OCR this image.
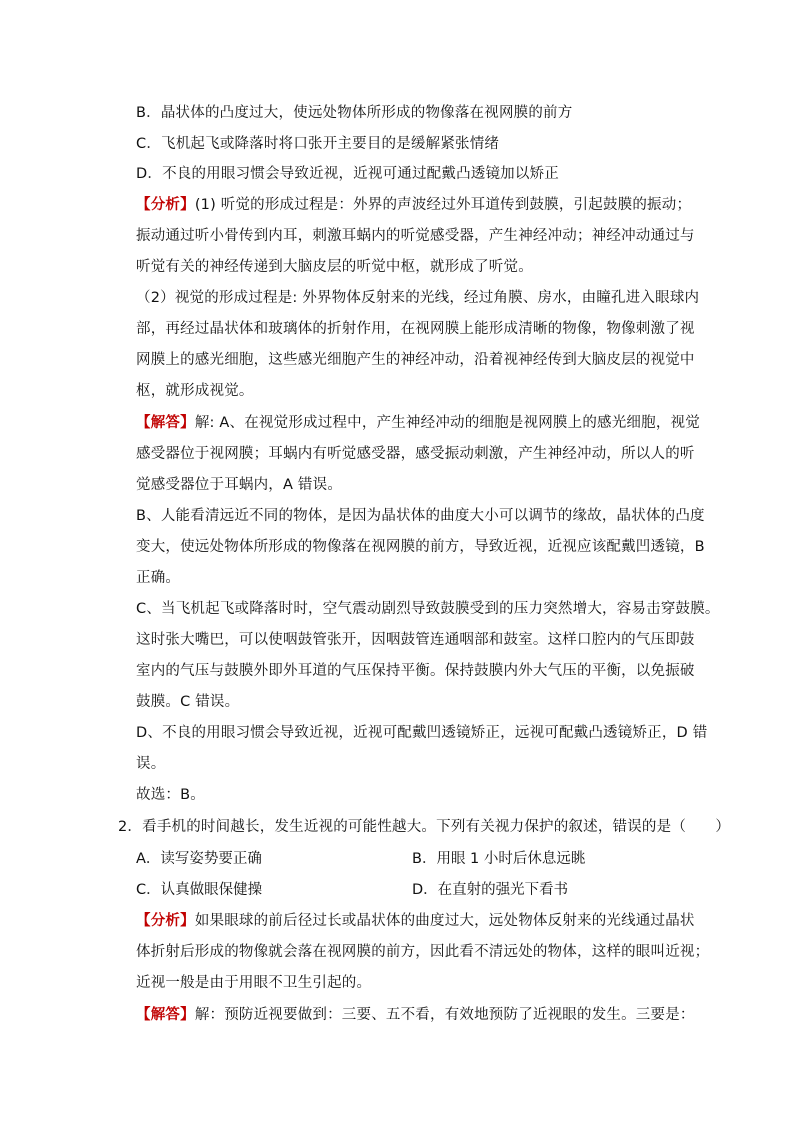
B．晶状体的凸度过大，使远处物体所形成的物像落在视网膜的前方
C．飞机起飞或降落时将口张开主要目的是缓解紧张情绪
D．不良的用眼习惯会导致近视，近视可通过配戴凸透镜加以矫正
【分析】(1) 听觉的形成过程是：外界的声波经过外耳道传到鼓膜，引起鼓膜的振动；
振动通过听小骨传到内耳，刺激耳蜗内的听觉感受器，产生神经冲动；神经冲动通过与
听觉有关的神经传递到大脑皮层的听觉中枢，就形成了听觉。
（2）视觉的形成过程是: 外界物体反射来的光线，经过角膜、房水，由瞳孔进入眼球内
部，再经过晶状体和玻璃体的折射作用，在视网膜上能形成清晰的物像，物像刺激了视
网膜上的感光细胞，这些感光细胞产生的神经冲动，沿着视神经传到大脑皮层的视觉中
枢，就形成视觉。
【解答】解: A、在视觉形成过程中，产生神经冲动的细胞是视网膜上的感光细胞，视觉
感受器位于视网膜；耳蜗内有听觉感受器，感受振动刺激，产生神经冲动，所以人的听
觉感受器位于耳蜗内，A 错误。
B、人能看清远近不同的物体，是因为晶状体的曲度大小可以调节的缘故，晶状体的凸度
变大，使远处物体所形成的物像落在视网膜的前方，导致近视，近视应该配戴凹透镜，B
正确。
C、当飞机起飞或降落时时，空气震动剧烈导致鼓膜受到的压力突然增大，容易击穿鼓膜。
这时张大嘴巴，可以使咽鼓管张开，因咽鼓管连通咽部和鼓室。这样口腔内的气压即鼓
室内的气压与鼓膜外即外耳道的气压保持平衡。保持鼓膜内外大气压的平衡，以免振破
鼓膜。C 错误。
D、不良的用眼习惯会导致近视，近视可配戴凹透镜矫正，远视可配戴凸透镜矫正，D 错
误。
故选：B。
2．看手机的时间越长，发生近视的可能性越大。下列有关视力保护的叙述，错误的是（　　）
A．读写姿势要正确	B．用眼 1 小时后休息远眺
C．认真做眼保健操	D．在直射的强光下看书
【分析】如果眼球的前后径过长或晶状体的曲度过大，远处物体反射来的光线通过晶状
体折射后形成的物像就会落在视网膜的前方，因此看不清远处的物体，这样的眼叫近视；
近视一般是由于用眼不卫生引起的。
【解答】解：预防近视要做到：三要、五不看，有效地预防了近视眼的发生。三要是：
